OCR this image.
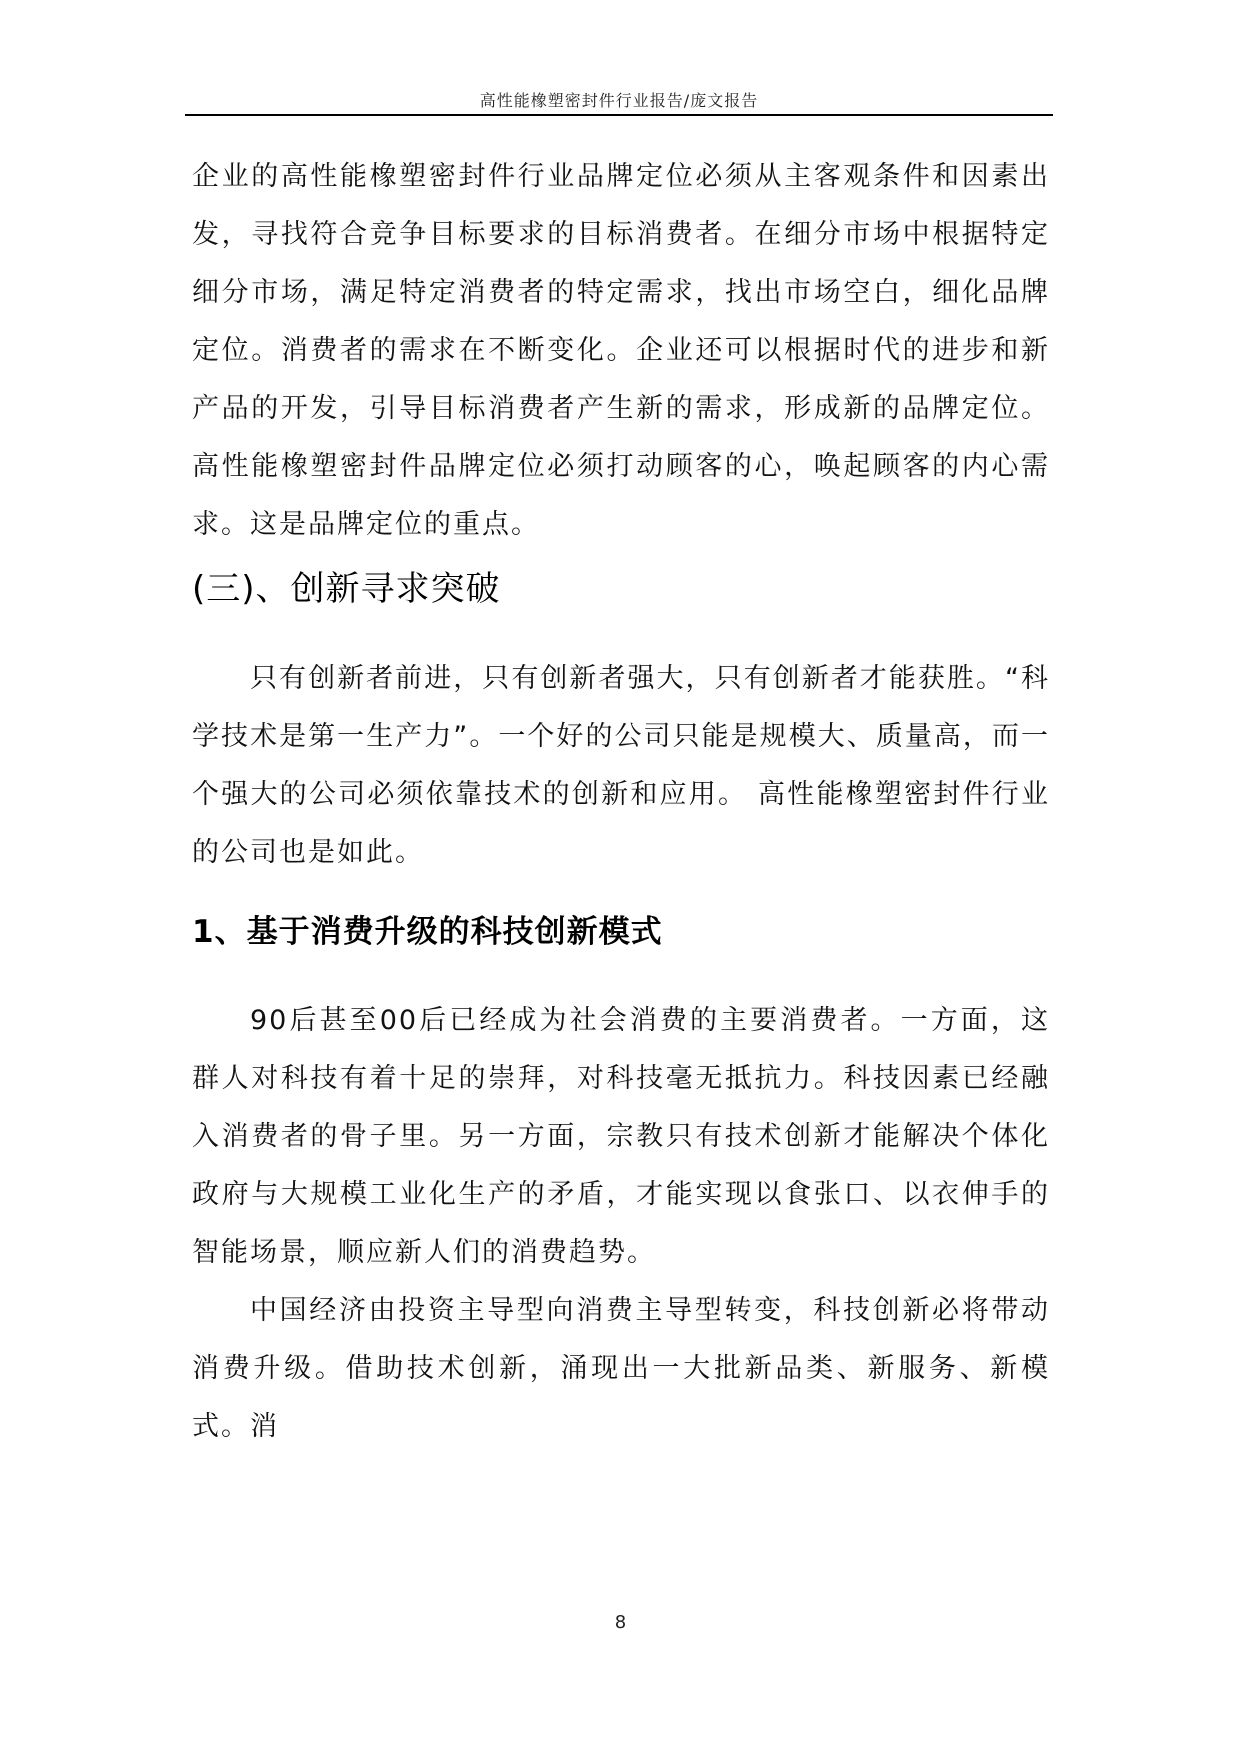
高性能橡塑密封件行业报告/庞文报告

企业的高性能橡塑密封件行业品牌定位必须从主客观条件和因素出发，寻找符合竞争目标要求的目标消费者。在细分市场中根据特定细分市场，满足特定消费者的特定需求，找出市场空白，细化品牌定位。消费者的需求在不断变化。企业还可以根据时代的进步和新产品的开发，引导目标消费者产生新的需求，形成新的品牌定位。高性能橡塑密封件品牌定位必须打动顾客的心，唤起顾客的内心需求。这是品牌定位的重点。

(三)、创新寻求突破

只有创新者前进，只有创新者强大，只有创新者才能获胜。“科学技术是第一生产力”。一个好的公司只能是规模大、质量高，而一个强大的公司必须依靠技术的创新和应用。 高性能橡塑密封件行业的公司也是如此。

1、基于消费升级的科技创新模式

90后甚至00后已经成为社会消费的主要消费者。一方面，这群人对科技有着十足的崇拜，对科技毫无抵抗力。科技因素已经融入消费者的骨子里。另一方面，宗教只有技术创新才能解决个体化政府与大规模工业化生产的矛盾，才能实现以食张口、以衣伸手的智能场景，顺应新人们的消费趋势。

中国经济由投资主导型向消费主导型转变，科技创新必将带动消费升级。借助技术创新，涌现出一大批新品类、新服务、新模式。消

8
